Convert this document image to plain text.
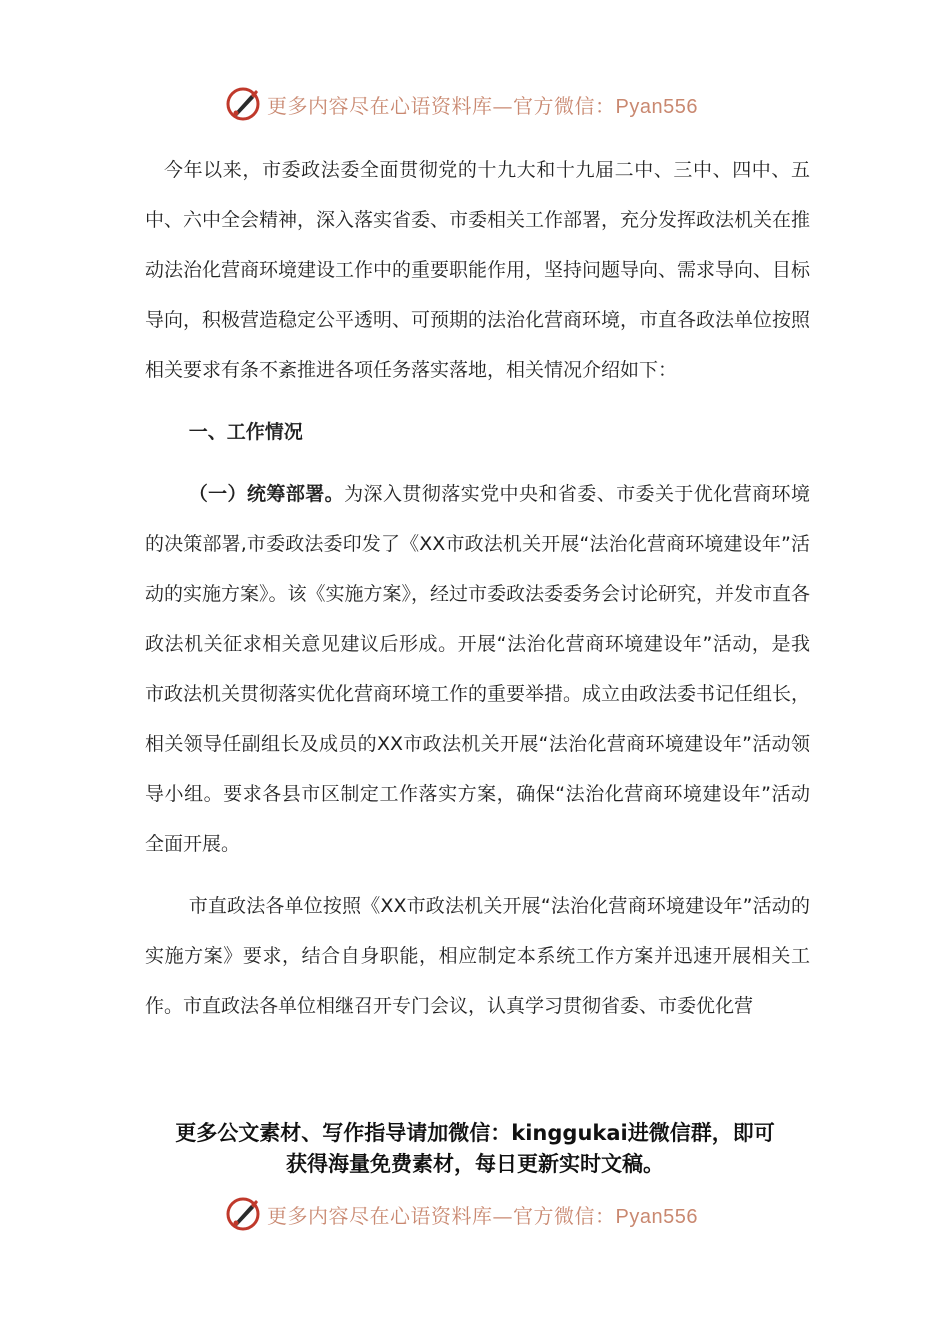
更多内容尽在心语资料库—官方微信：Pyan556

今年以来，市委政法委全面贯彻党的十九大和十九届二中、三中、四中、五中、六中全会精神，深入落实省委、市委相关工作部署，充分发挥政法机关在推动法治化营商环境建设工作中的重要职能作用，坚持问题导向、需求导向、目标导向，积极营造稳定公平透明、可预期的法治化营商环境，市直各政法单位按照相关要求有条不紊推进各项任务落实落地，相关情况介绍如下：

一、工作情况

（一）统筹部署。为深入贯彻落实党中央和省委、市委关于优化营商环境的决策部署,市委政法委印发了《XX市政法机关开展“法治化营商环境建设年”活动的实施方案》。该《实施方案》，经过市委政法委委务会讨论研究，并发市直各政法机关征求相关意见建议后形成。开展“法治化营商环境建设年”活动，是我市政法机关贯彻落实优化营商环境工作的重要举措。成立由政法委书记任组长，相关领导任副组长及成员的XX市政法机关开展“法治化营商环境建设年”活动领导小组。要求各县市区制定工作落实方案，确保“法治化营商环境建设年”活动全面开展。

市直政法各单位按照《XX市政法机关开展“法治化营商环境建设年”活动的实施方案》要求，结合自身职能，相应制定本系统工作方案并迅速开展相关工作。市直政法各单位相继召开专门会议，认真学习贯彻省委、市委优化营

更多公文素材、写作指导请加微信：kinggukai进微信群，即可
获得海量免费素材，每日更新实时文稿。
更多内容尽在心语资料库—官方微信：Pyan556
